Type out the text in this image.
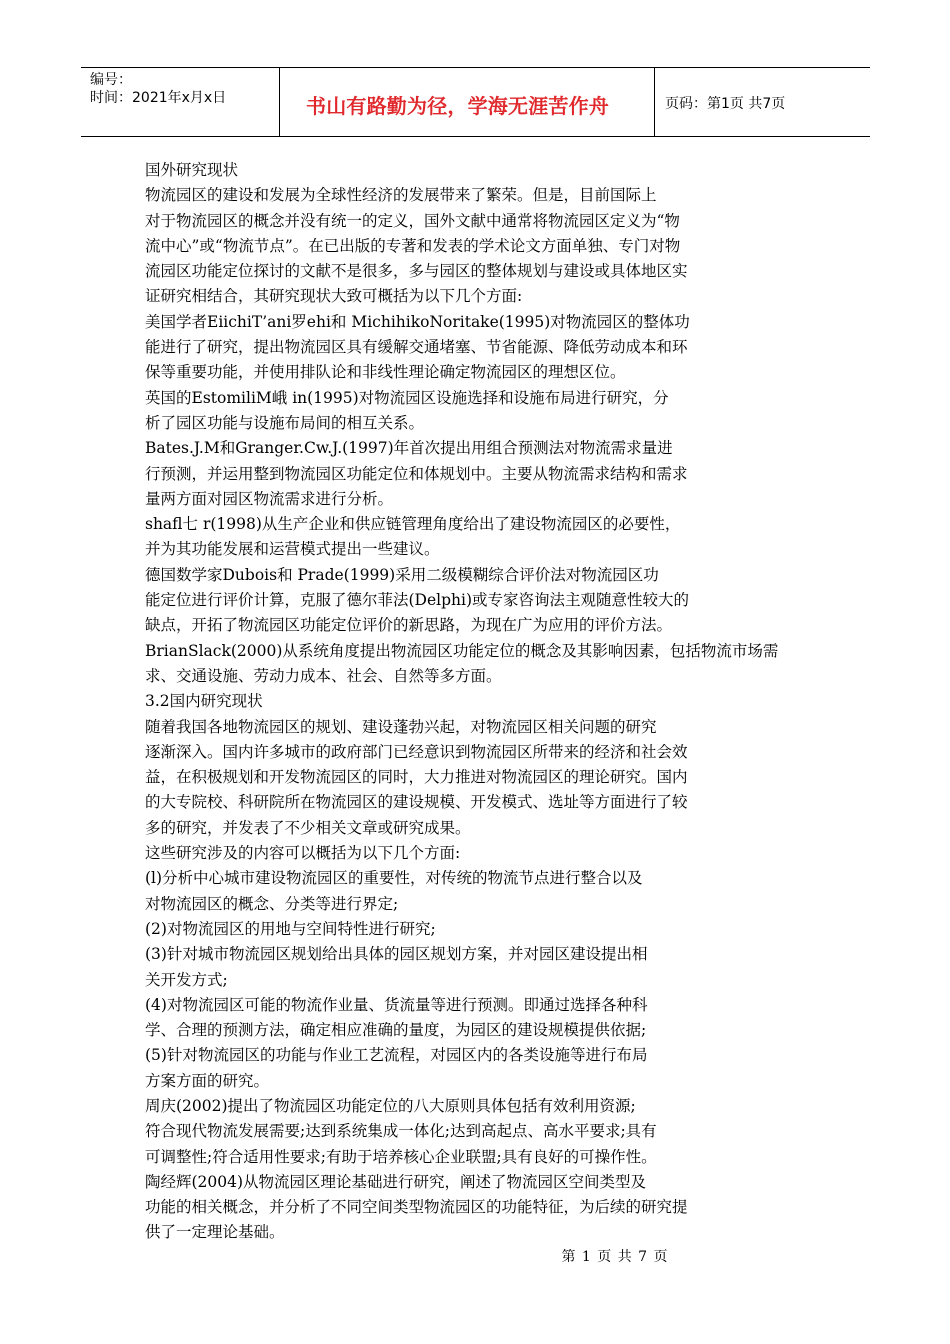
编号：
时间：2021年x月x日	书山有路勤为径，学海无涯苦作舟	页码：第1页 共7页
国外研究现状
物流园区的建设和发展为全球性经济的发展带来了繁荣。但是，目前国际上
对于物流园区的概念并没有统一的定义，国外文献中通常将物流园区定义为“物
流中心”或“物流节点”。在已出版的专著和发表的学术论文方面单独、专门对物
流园区功能定位探讨的文献不是很多，多与园区的整体规划与建设或具体地区实
证研究相结合，其研究现状大致可概括为以下几个方面:
美国学者EiichiT’ani罗ehi和 MichihikoNoritake(1995)对物流园区的整体功
能进行了研究，提出物流园区具有缓解交通堵塞、节省能源、降低劳动成本和环
保等重要功能，并使用排队论和非线性理论确定物流园区的理想区位。
英国的EstomiliM峨 in(1995)对物流园区设施选择和设施布局进行研究，分
析了园区功能与设施布局间的相互关系。
Bates.J.M和Granger.Cw.J.(1997)年首次提出用组合预测法对物流需求量进
行预测，并运用整到物流园区功能定位和体规划中。主要从物流需求结构和需求
量两方面对园区物流需求进行分析。
shafl七 r(1998)从生产企业和供应链管理角度给出了建设物流园区的必要性，
并为其功能发展和运营模式提出一些建议。
德国数学家Dubois和 Prade(1999)采用二级模糊综合评价法对物流园区功
能定位进行评价计算，克服了德尔菲法(Delphi)或专家咨询法主观随意性较大的
缺点，开拓了物流园区功能定位评价的新思路，为现在广为应用的评价方法。
BrianSlack(2000)从系统角度提出物流园区功能定位的概念及其影响因素，包括物流市场需
求、交通设施、劳动力成本、社会、自然等多方面。
3.2国内研究现状
随着我国各地物流园区的规划、建设蓬勃兴起，对物流园区相关问题的研究
逐渐深入。国内许多城市的政府部门已经意识到物流园区所带来的经济和社会效
益，在积极规划和开发物流园区的同时，大力推进对物流园区的理论研究。国内
的大专院校、科研院所在物流园区的建设规模、开发模式、选址等方面进行了较
多的研究，并发表了不少相关文章或研究成果。
这些研究涉及的内容可以概括为以下几个方面:
(l)分析中心城市建设物流园区的重要性，对传统的物流节点进行整合以及
对物流园区的概念、分类等进行界定;
(2)对物流园区的用地与空间特性进行研究;
(3)针对城市物流园区规划给出具体的园区规划方案，并对园区建设提出相
关开发方式;
(4)对物流园区可能的物流作业量、货流量等进行预测。即通过选择各种科
学、合理的预测方法，确定相应准确的量度，为园区的建设规模提供依据;
(5)针对物流园区的功能与作业工艺流程，对园区内的各类设施等进行布局
方案方面的研究。
周庆(2002)提出了物流园区功能定位的八大原则具体包括有效利用资源;
符合现代物流发展需要;达到系统集成一体化;达到高起点、高水平要求;具有
可调整性;符合适用性要求;有助于培养核心企业联盟;具有良好的可操作性。
陶经辉(2004)从物流园区理论基础进行研究，阐述了物流园区空间类型及
功能的相关概念，并分析了不同空间类型物流园区的功能特征，为后续的研究提
供了一定理论基础。
第 1 页 共 7 页
